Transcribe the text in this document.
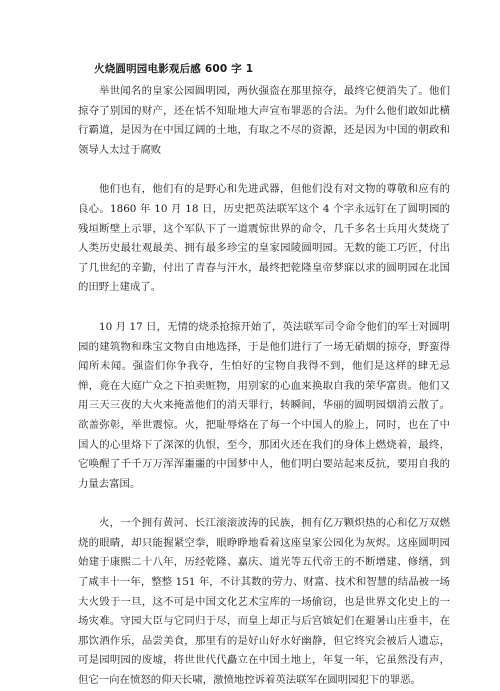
火烧圆明园电影观后感 600 字 1

举世闻名的皇家公园圆明园，两伙强盗在那里掠夺，最终它便消失了。他们掠夺了别国的财产，还在恬不知耻地大声宣布罪恶的合法。为什么他们敢如此横行霸道，是因为在中国辽阔的土地，有取之不尽的资源，还是因为中国的朝政和领导人太过于腐败

他们也有，他们有的是野心和先进武器，但他们没有对文物的尊敬和应有的良心。1860 年 10 月 18 日，历史把英法联军这个 4 个字永远钉在了圆明园的残垣断壁上示罪，这个军队下了一道震惊世界的命令，几千多名士兵用火焚烧了人类历史最壮观最美、拥有最多珍宝的皇家园陵圆明园。无数的能工巧匠，付出了几世纪的辛勤，付出了青春与汗水，最终把乾隆皇帝梦寐以求的圆明园在北国的田野上建成了。

10 月 17 日，无情的烧杀抢掠开始了，英法联军司令命令他们的军士对圆明园的建筑物和珠宝文物自由地选择，于是他们进行了一场无硝烟的掠夺，野蛮得闻所未闻。强盗们你争我夺，生怕好的宝物自我得不到，他们是这样的肆无忌惮，竟在大庭广众之下拍卖赃物，用别家的心血来换取自我的荣华富贵。他们又用三天三夜的大火来掩盖他们的消天罪行，转瞬间，华丽的圆明园烟消云散了。欲盖弥彰，举世震惊。火，把耻辱烙在了每一个中国人的脸上，同时，也在了中国人的心里烙下了深深的仇恨，至今，那团火还在我们的身体上燃烧着，最终，它唤醒了千千万万浑浑噩噩的中国梦中人，他们明白要站起来反抗，要用自我的力量去富国。

火，一个拥有黄河、长江滚滚波涛的民族，拥有亿万颗炽热的心和亿万双燃烧的眼睛，却只能握紧空拳，眼睁睁地看着这座皇家公园化为灰烬。这座圆明园始建于康熙二十八年，历经乾隆、嘉庆、道光等五代帝王的不断增建、修缮，到了咸丰十一年，整整 151 年，不计其数的劳力、财富、技术和智慧的结晶被一场大火毁于一旦，这不可是中国文化艺术宝库的一场偷窃，也是世界文化史上的一场灾难。守园大臣与它同归于尽，而皇上却正与后宫嫔妃们在避暑山庄垂丰，在那饮酒作乐，品尝美食，那里有的是好山好水好幽静，但它终究会被后人遗忘，可是园明园的废墟，将世世代代矗立在中国土地上，年复一年，它虽然没有声，但它一向在愤怒的仰天长啸，激愤地控诉着英法联军在圆明园犯下的罪恶。
